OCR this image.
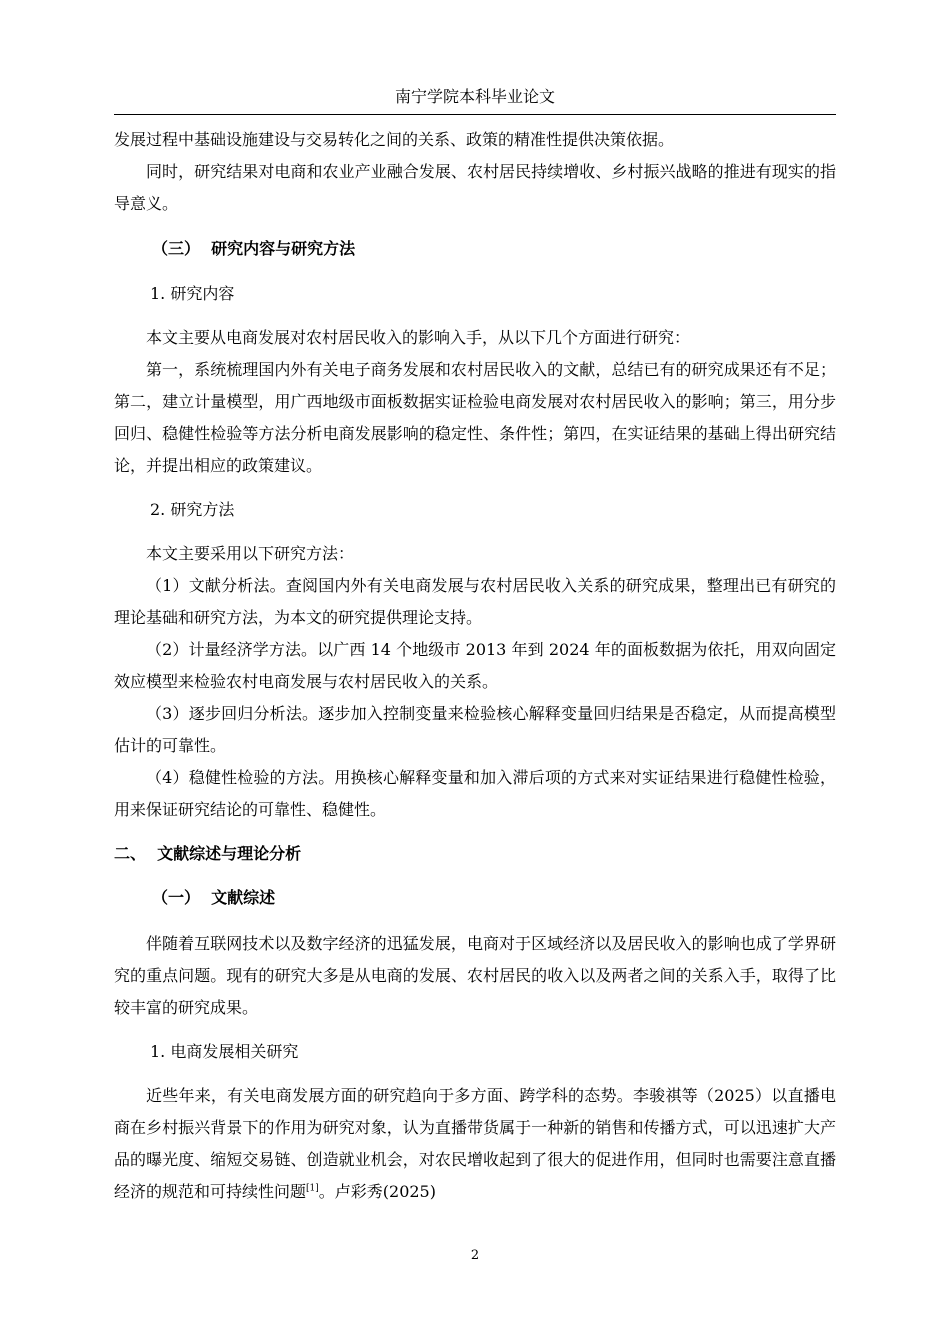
南宁学院本科毕业论文

发展过程中基础设施建设与交易转化之间的关系、政策的精准性提供决策依据。

同时，研究结果对电商和农业产业融合发展、农村居民持续增收、乡村振兴战略的推进有现实的指导意义。

（三）  研究内容与研究方法
1. 研究内容

本文主要从电商发展对农村居民收入的影响入手，从以下几个方面进行研究：

第一，系统梳理国内外有关电子商务发展和农村居民收入的文献，总结已有的研究成果还有不足；第二，建立计量模型，用广西地级市面板数据实证检验电商发展对农村居民收入的影响；第三，用分步回归、稳健性检验等方法分析电商发展影响的稳定性、条件性；第四，在实证结果的基础上得出研究结论，并提出相应的政策建议。

2. 研究方法

本文主要采用以下研究方法：

（1）文献分析法。查阅国内外有关电商发展与农村居民收入关系的研究成果，整理出已有研究的理论基础和研究方法，为本文的研究提供理论支持。

（2）计量经济学方法。以广西 14 个地级市 2013 年到 2024 年的面板数据为依托，用双向固定效应模型来检验农村电商发展与农村居民收入的关系。

（3）逐步回归分析法。逐步加入控制变量来检验核心解释变量回归结果是否稳定，从而提高模型估计的可靠性。

（4）稳健性检验的方法。用换核心解释变量和加入滞后项的方式来对实证结果进行稳健性检验，用来保证研究结论的可靠性、稳健性。

二、  文献综述与理论分析
（一）  文献综述

伴随着互联网技术以及数字经济的迅猛发展，电商对于区域经济以及居民收入的影响也成了学界研究的重点问题。现有的研究大多是从电商的发展、农村居民的收入以及两者之间的关系入手，取得了比较丰富的研究成果。

1. 电商发展相关研究

近些年来，有关电商发展方面的研究趋向于多方面、跨学科的态势。李骏祺等（2025）以直播电商在乡村振兴背景下的作用为研究对象，认为直播带货属于一种新的销售和传播方式，可以迅速扩大产品的曝光度、缩短交易链、创造就业机会，对农民增收起到了很大的促进作用，但同时也需要注意直播经济的规范和可持续性问题[1]。卢彩秀(2025)

2
